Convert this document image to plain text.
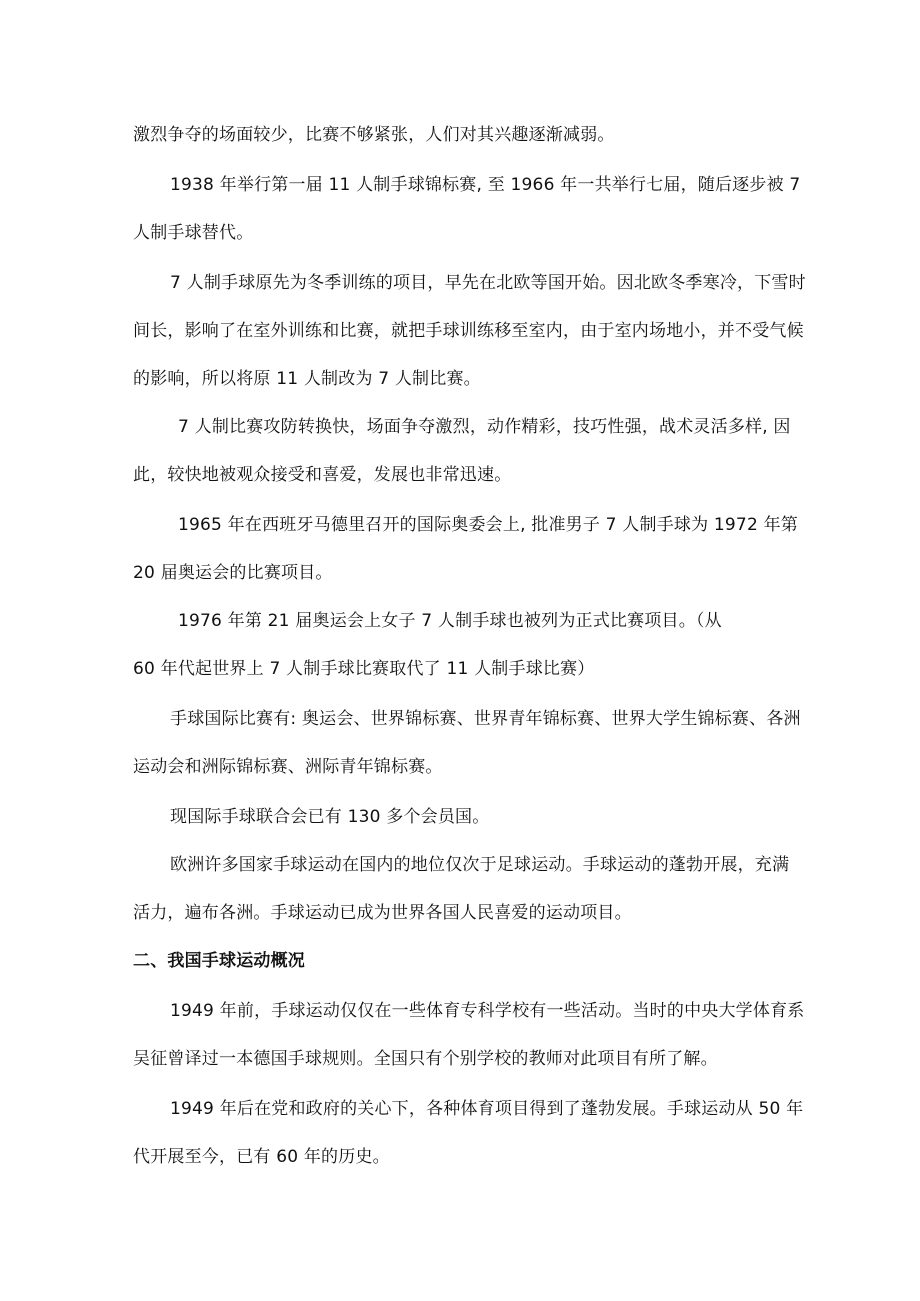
激烈争夺的场面较少，比赛不够紧张，人们对其兴趣逐渐减弱。
1938 年举行第一届 11 人制手球锦标赛, 至 1966 年一共举行七届，随后逐步被 7
人制手球替代。
7 人制手球原先为冬季训练的项目，早先在北欧等国开始。因北欧冬季寒冷，下雪时
间长，影响了在室外训练和比赛，就把手球训练移至室内，由于室内场地小，并不受气候
的影响，所以将原 11 人制改为 7 人制比赛。
7 人制比赛攻防转换快，场面争夺激烈，动作精彩，技巧性强，战术灵活多样, 因
此，较快地被观众接受和喜爱，发展也非常迅速。
1965 年在西班牙马德里召开的国际奥委会上, 批准男子 7 人制手球为 1972 年第
20 届奥运会的比赛项目。
1976 年第 21 届奥运会上女子 7 人制手球也被列为正式比赛项目。（从
60 年代起世界上 7 人制手球比赛取代了 11 人制手球比赛）
手球国际比赛有: 奥运会、世界锦标赛、世界青年锦标赛、世界大学生锦标赛、各洲
运动会和洲际锦标赛、洲际青年锦标赛。
现国际手球联合会已有 130 多个会员国。
欧洲许多国家手球运动在国内的地位仅次于足球运动。手球运动的蓬勃开展，充满
活力，遍布各洲。手球运动已成为世界各国人民喜爱的运动项目。
二、我国手球运动概况
1949 年前，手球运动仅仅在一些体育专科学校有一些活动。当时的中央大学体育系
吴征曾译过一本德国手球规则。全国只有个别学校的教师对此项目有所了解。
1949 年后在党和政府的关心下，各种体育项目得到了蓬勃发展。手球运动从 50 年
代开展至今，已有 60 年的历史。
